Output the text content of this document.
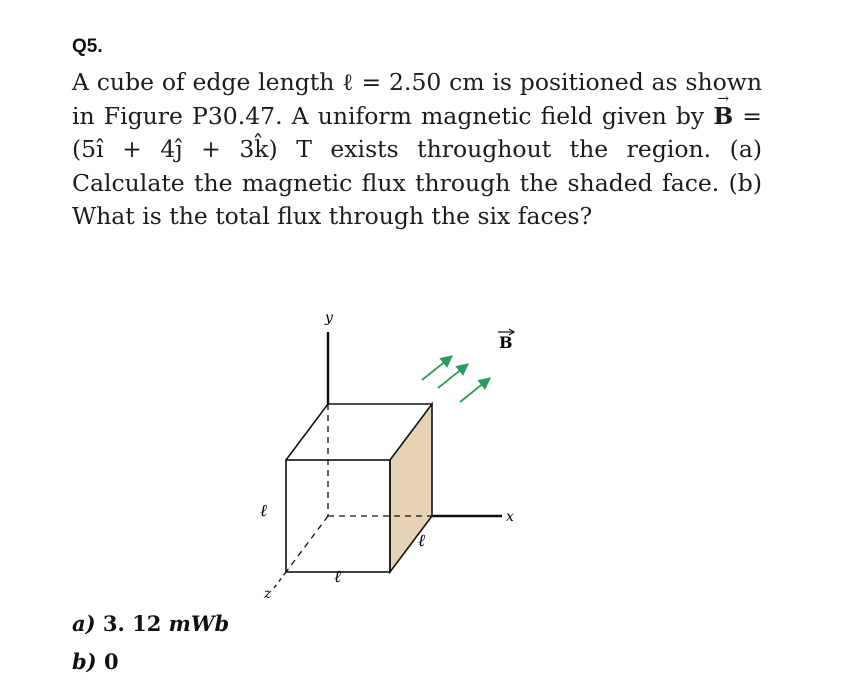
Q5.

A cube of edge length ℓ = 2.50 cm is positioned as shown in Figure P30.47. A uniform magnetic field given by → B = (5î + 4ĵ + 3k̂) T exists throughout the region. (a) Calculate the magnetic flux through the shaded face. (b) What is the total flux through the six faces?

y
x
z
ℓ
ℓ
ℓ
B
a) 3. 12 mWb
b) 0
